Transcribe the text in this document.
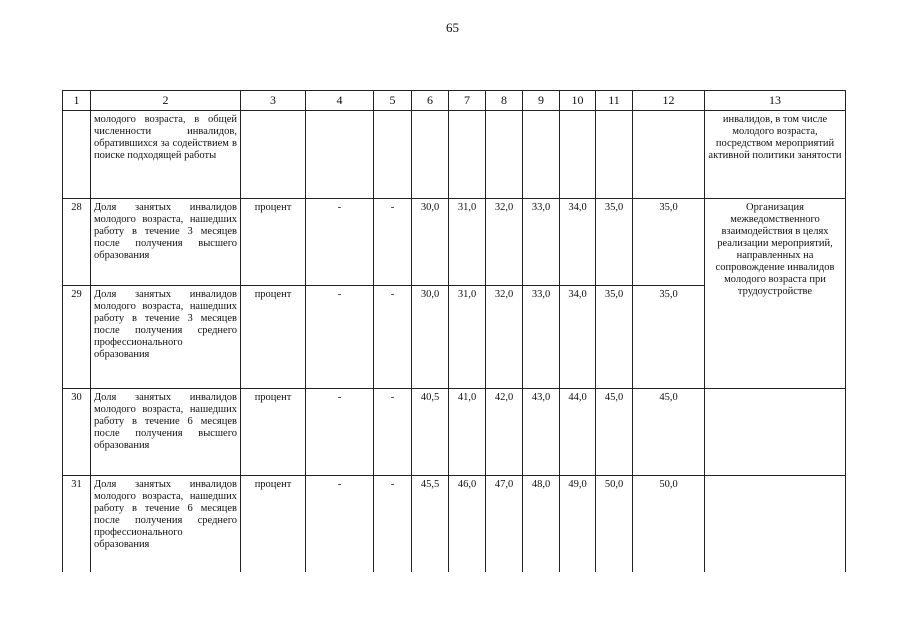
65
1	2	3	4	5	6	7	8	9	10	11	12	13
	молодого возраста, в общей численности инвалидов, обратившихся за содействием в поиске подходящей работы											инвалидов, в том числе молодого возраста, посредством мероприятий активной политики занятости
28	Доля занятых инвалидов молодого возраста, нашедших работу в течение 3 месяцев после получения высшего образования	процент	-	-	30,0	31,0	32,0	33,0	34,0	35,0	35,0	Организация межведомственного взаимодействия в целях реализации мероприятий, направленных на сопровождение инвалидов молодого возраста при трудоустройстве
29	Доля занятых инвалидов молодого возраста, нашедших работу в течение 3 месяцев после получения среднего профессионального образования	процент	-	-	30,0	31,0	32,0	33,0	34,0	35,0	35,0	
30	Доля занятых инвалидов молодого возраста, нашедших работу в течение 6 месяцев после получения высшего образования	процент	-	-	40,5	41,0	42,0	43,0	44,0	45,0	45,0	
31	Доля занятых инвалидов молодого возраста, нашедших работу в течение 6 месяцев после получения среднего профессионального образования	процент	-	-	45,5	46,0	47,0	48,0	49,0	50,0	50,0	
